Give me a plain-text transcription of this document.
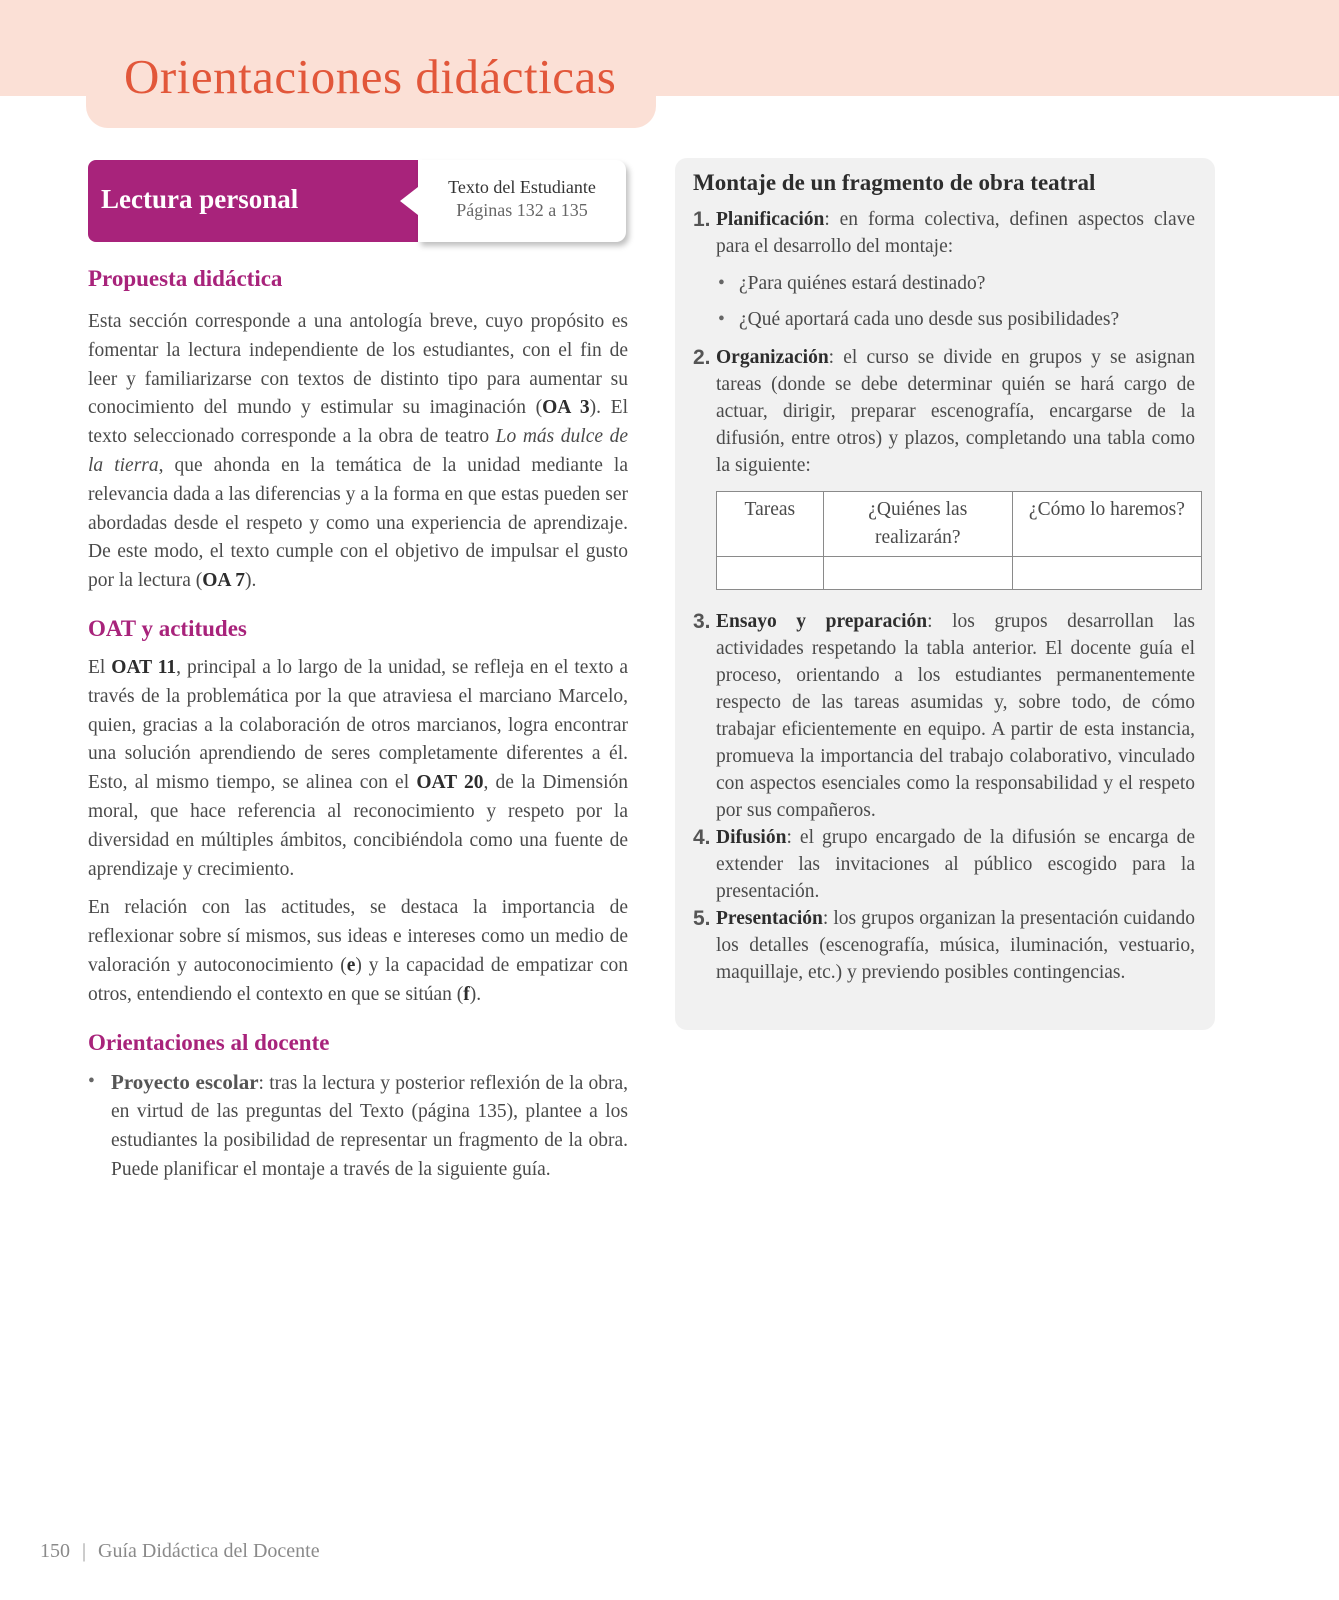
Orientaciones didácticas
Lectura personal	Texto del Estudiante
Páginas 132 a 135
Propuesta didáctica

Esta sección corresponde a una antología breve, cuyo propósito es fomentar la lectura independiente de los estudiantes, con el fin de leer y familiarizarse con textos de distinto tipo para aumentar su conocimiento del mundo y estimular su imaginación (OA 3). El texto seleccionado corresponde a la obra de teatro Lo más dulce de la tierra, que ahonda en la temática de la unidad mediante la relevancia dada a las diferencias y a la forma en que estas pueden ser abordadas desde el respeto y como una experiencia de aprendizaje. De este modo, el texto cumple con el objetivo de impulsar el gusto por la lectura (OA 7).

OAT y actitudes

El OAT 11, principal a lo largo de la unidad, se refleja en el texto a través de la problemática por la que atraviesa el marciano Marcelo, quien, gracias a la colaboración de otros marcianos, logra encontrar una solución aprendiendo de seres completamente diferentes a él. Esto, al mismo tiempo, se alinea con el OAT 20, de la Dimensión moral, que hace referencia al reconocimiento y respeto por la diversidad en múltiples ámbitos, concibiéndola como una fuente de aprendizaje y crecimiento.

En relación con las actitudes, se destaca la importancia de reflexionar sobre sí mismos, sus ideas e intereses como un medio de valoración y autoconocimiento (e) y la capacidad de empatizar con otros, entendiendo el contexto en que se sitúan (f).

Orientaciones al docente
• Proyecto escolar: tras la lectura y posterior reflexión de la obra, en virtud de las preguntas del Texto (página 135), plantee a los estudiantes la posibilidad de representar un fragmento de la obra. Puede planificar el montaje a través de la siguiente guía.
Montaje de un fragmento de obra teatral
1. Planificación: en forma colectiva, definen aspectos clave para el desarrollo del montaje:
• ¿Para quiénes estará destinado?
• ¿Qué aportará cada uno desde sus posibilidades?
2. Organización: el curso se divide en grupos y se asignan tareas (donde se debe determinar quién se hará cargo de actuar, dirigir, preparar escenografía, encargarse de la difusión, entre otros) y plazos, completando una tabla como la siguiente:
Tareas	¿Quiénes las realizarán?	¿Cómo lo haremos?

3. Ensayo y preparación: los grupos desarrollan las actividades respetando la tabla anterior. El docente guía el proceso, orientando a los estudiantes permanentemente respecto de las tareas asumidas y, sobre todo, de cómo trabajar eficientemente en equipo. A partir de esta instancia, promueva la importancia del trabajo colaborativo, vinculado con aspectos esenciales como la responsabilidad y el respeto por sus compañeros.
4. Difusión: el grupo encargado de la difusión se encarga de extender las invitaciones al público escogido para la presentación.
5. Presentación: los grupos organizan la presentación cuidando los detalles (escenografía, música, iluminación, vestuario, maquillaje, etc.) y previendo posibles contingencias.

150 | Guía Didáctica del Docente
